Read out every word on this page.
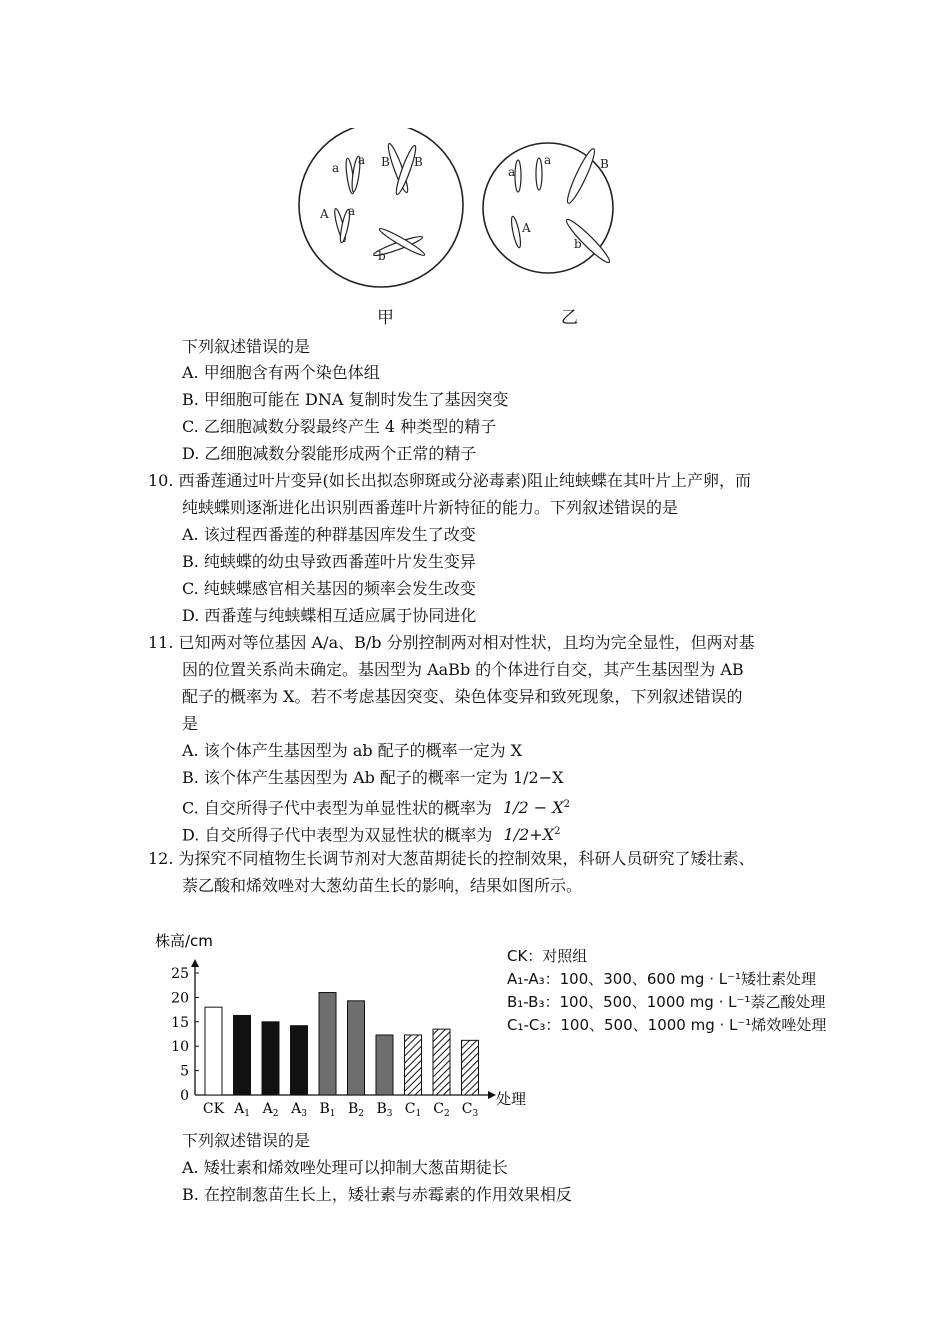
a
a B B
A a
b
a
a	B
A
b
甲	乙
下列叙述错误的是
A. 甲细胞含有两个染色体组
B. 甲细胞可能在 DNA 复制时发生了基因突变
C. 乙细胞减数分裂最终产生 4 种类型的精子
D. 乙细胞减数分裂能形成两个正常的精子
10. 西番莲通过叶片变异(如长出拟态卵斑或分泌毒素)阻止纯蛱蝶在其叶片上产卵，而
纯蛱蝶则逐渐进化出识别西番莲叶片新特征的能力。下列叙述错误的是
A. 该过程西番莲的种群基因库发生了改变
B. 纯蛱蝶的幼虫导致西番莲叶片发生变异
C. 纯蛱蝶感官相关基因的频率会发生改变
D. 西番莲与纯蛱蝶相互适应属于协同进化
11. 已知两对等位基因 A/a、B/b 分别控制两对相对性状，且均为完全显性，但两对基
因的位置关系尚未确定。基因型为 AaBb 的个体进行自交，其产生基因型为 AB
配子的概率为 X。若不考虑基因突变、染色体变异和致死现象，下列叙述错误的
是
A. 该个体产生基因型为 ab 配子的概率一定为 X
B. 该个体产生基因型为 Ab 配子的概率一定为 1/2−X
C. 自交所得子代中表型为单显性状的概率为 $1/2 - X^2$
D. 自交所得子代中表型为双显性状的概率为 $1/2+X^2$
12. 为探究不同植物生长调节剂对大葱苗期徒长的控制效果，科研人员研究了矮壮素、
萘乙酸和烯效唑对大葱幼苗生长的影响，结果如图所示。
株高/cm
0
5
10
15
20
25
CK $A_1$ $A_2$ $A_3$ $B_1$ $B_2$ $B_3$ $C_1$ $C_2$ $C_3$
处理
CK：对照组
A₁-A₃：100、300、600 mg · L⁻¹矮壮素处理
B₁-B₃：100、500、1000 mg · L⁻¹萘乙酸处理
C₁-C₃：100、500、1000 mg · L⁻¹烯效唑处理
下列叙述错误的是
A. 矮壮素和烯效唑处理可以抑制大葱苗期徒长
B. 在控制葱苗生长上，矮壮素与赤霉素的作用效果相反
